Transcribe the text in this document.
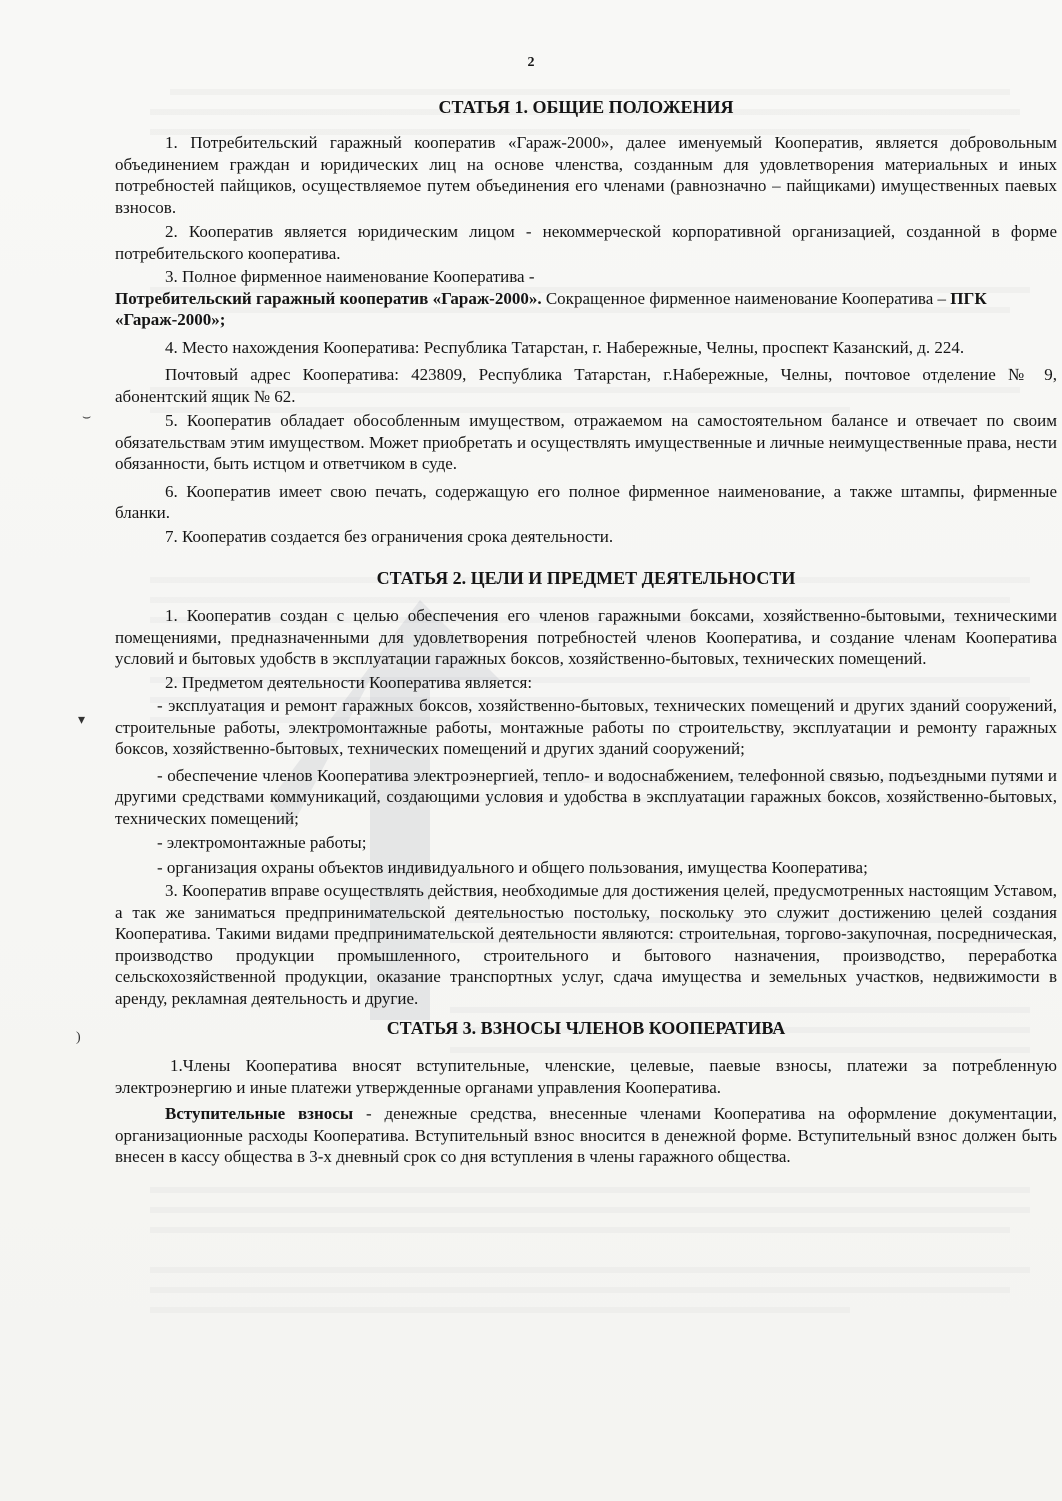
⌣
▾
)
2
СТАТЬЯ 1. ОБЩИЕ ПОЛОЖЕНИЯ

1. Потребительский гаражный кооператив «Гараж-2000», далее именуемый Кооператив, является добровольным объединением граждан и юридических лиц на основе членства, созданным для удовлетворения материальных и иных потребностей пайщиков, осуществляемое путем объединения его членами (равнозначно – пайщиками) имущественных паевых взносов.

2. Кооператив является юридическим лицом - некоммерческой корпоративной организацией, созданной в форме потребительского кооператива.

3. Полное фирменное наименование Кооператива -

Потребительский гаражный кооператив «Гараж-2000». Сокращенное фирменное наименование Кооператива – ПГК «Гараж-2000»;

4. Место нахождения Кооператива: Республика Татарстан, г. Набережные, Челны, проспект Казанский, д. 224.

Почтовый адрес Кооператива: 423809, Республика Татарстан, г.Набережные, Челны, почтовое отделение № 9, абонентский ящик № 62.

5. Кооператив обладает обособленным имуществом, отражаемом на самостоятельном балансе и отвечает по своим обязательствам этим имуществом. Может приобретать и осуществлять имущественные и личные неимущественные права, нести обязанности, быть истцом и ответчиком в суде.

6. Кооператив имеет свою печать, содержащую его полное фирменное наименование, а также штампы, фирменные бланки.

7. Кооператив создается без ограничения срока деятельности.

СТАТЬЯ 2. ЦЕЛИ И ПРЕДМЕТ ДЕЯТЕЛЬНОСТИ

1. Кооператив создан с целью обеспечения его членов гаражными боксами, хозяйственно-бытовыми, техническими помещениями, предназначенными для удовлетворения потребностей членов Кооператива, и создание членам Кооператива условий и бытовых удобств в эксплуатации гаражных боксов, хозяйственно-бытовых, технических помещений.

2. Предметом деятельности Кооператива является:

- эксплуатация и ремонт гаражных боксов, хозяйственно-бытовых, технических помещений и других зданий сооружений, строительные работы, электромонтажные работы, монтажные работы по строительству, эксплуатации и ремонту гаражных боксов, хозяйственно-бытовых, технических помещений и других зданий сооружений;

- обеспечение членов Кооператива электроэнергией, тепло- и водоснабжением, телефонной связью, подъездными путями и другими средствами коммуникаций, создающими условия и удобства в эксплуатации гаражных боксов, хозяйственно-бытовых, технических помещений;

- электромонтажные работы;

- организация охраны объектов индивидуального и общего пользования, имущества Кооператива;

3. Кооператив вправе осуществлять действия, необходимые для достижения целей, предусмотренных настоящим Уставом, а так же заниматься предпринимательской деятельностью постольку, поскольку это служит достижению целей создания Кооператива. Такими видами предпринимательской деятельности являются: строительная, торгово-закупочная, посредническая, производство продукции промышленного, строительного и бытового назначения, производство, переработка сельскохозяйственной продукции, оказание транспортных услуг, сдача имущества и земельных участков, недвижимости в аренду, рекламная деятельность и другие.

СТАТЬЯ 3. ВЗНОСЫ ЧЛЕНОВ КООПЕРАТИВА

1.Члены Кооператива вносят вступительные, членские, целевые, паевые взносы, платежи за потребленную электроэнергию и иные платежи утвержденные органами управления Кооператива.

Вступительные взносы - денежные средства, внесенные членами Кооператива на оформление документации, организационные расходы Кооператива. Вступительный взнос вносится в денежной форме. Вступительный взнос должен быть внесен в кассу общества в 3-х дневный срок со дня вступления в члены гаражного общества.
